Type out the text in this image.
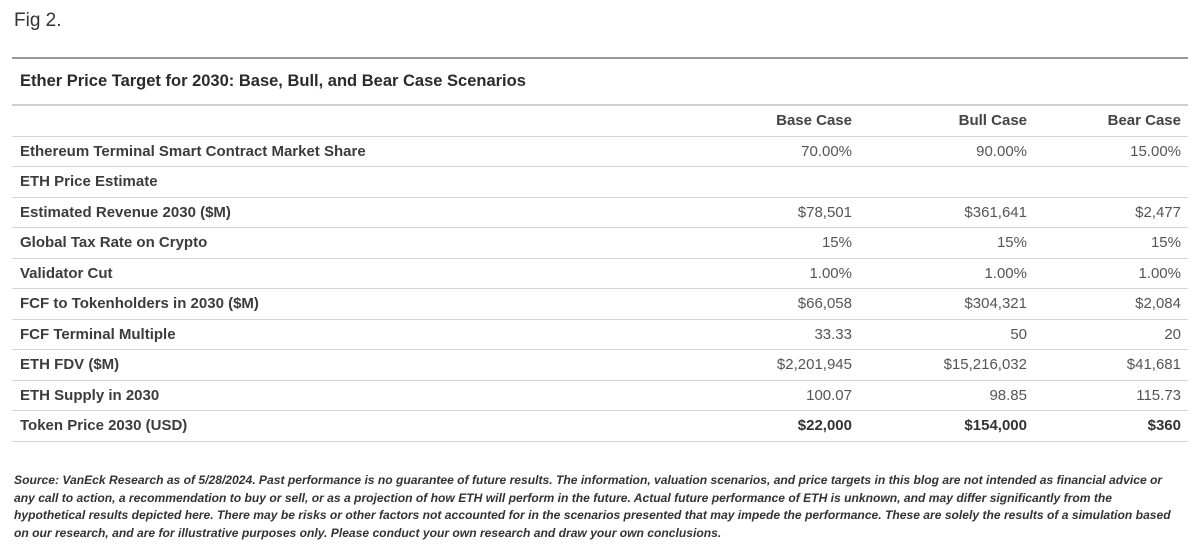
Fig 2.
Ether Price Target for 2030: Base, Bull, and Bear Case Scenarios
	Base Case	Bull Case	Bear Case
Ethereum Terminal Smart Contract Market Share	70.00%	90.00%	15.00%
ETH Price Estimate			
Estimated Revenue 2030 ($M)	$78,501	$361,641	$2,477
Global Tax Rate on Crypto	15%	15%	15%
Validator Cut	1.00%	1.00%	1.00%
FCF to Tokenholders in 2030 ($M)	$66,058	$304,321	$2,084
FCF Terminal Multiple	33.33	50	20
ETH FDV ($M)	$2,201,945	$15,216,032	$41,681
ETH Supply in 2030	100.07	98.85	115.73
Token Price 2030 (USD)	$22,000	$154,000	$360
Source: VanEck Research as of 5/28/2024. Past performance is no guarantee of future results. The information, valuation scenarios, and price targets in this blog are not intended as financial advice or any call to action, a recommendation to buy or sell, or as a projection of how ETH will perform in the future. Actual future performance of ETH is unknown, and may differ significantly from the hypothetical results depicted here. There may be risks or other factors not accounted for in the scenarios presented that may impede the performance. These are solely the results of a simulation based on our research, and are for illustrative purposes only. Please conduct your own research and draw your own conclusions.
